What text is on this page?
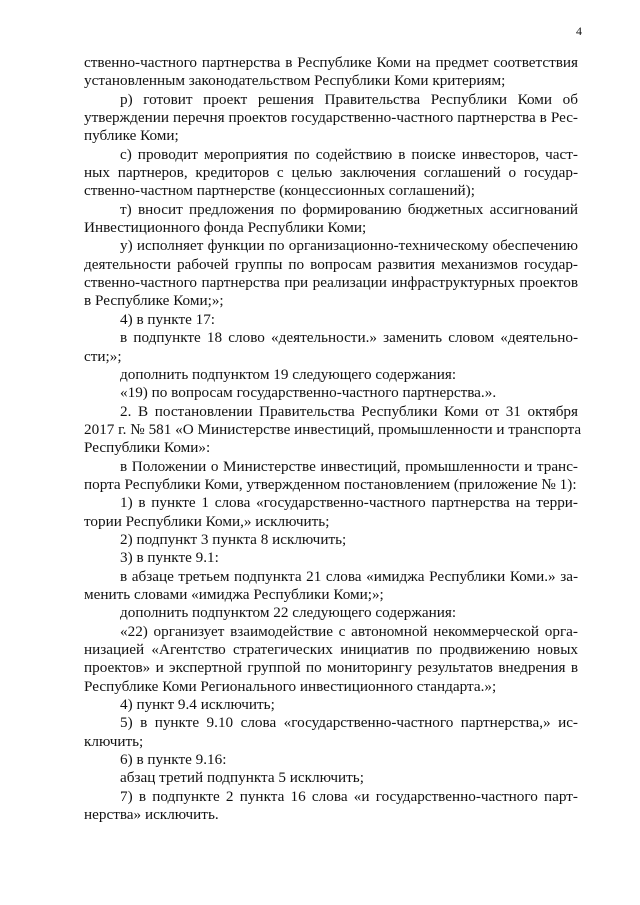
4
ственно-частного партнерства в Республике Коми на предмет соответствия
установленным законодательством Республики Коми критериям;
р) готовит проект решения Правительства Республики Коми об
утверждении перечня проектов государственно-частного партнерства в Рес-
публике Коми;
с) проводит мероприятия по содействию в поиске инвесторов, част-
ных партнеров, кредиторов с целью заключения соглашений о государ-
ственно-частном партнерстве (концессионных соглашений);
т) вносит предложения по формированию бюджетных ассигнований
Инвестиционного фонда Республики Коми;
у) исполняет функции по организационно-техническому обеспечению
деятельности рабочей группы по вопросам развития механизмов государ-
ственно-частного партнерства при реализации инфраструктурных проектов
в Республике Коми;»;
4) в пункте 17:
в подпункте 18 слово «деятельности.» заменить словом «деятельно-
сти;»;
дополнить подпунктом 19 следующего содержания:
«19) по вопросам государственно-частного партнерства.».
2. В постановлении Правительства Республики Коми от 31 октября
2017 г. № 581 «О Министерстве инвестиций, промышленности и транспорта
Республики Коми»:
в Положении о Министерстве инвестиций, промышленности и транс-
порта Республики Коми, утвержденном постановлением (приложение № 1):
1) в пункте 1 слова «государственно-частного партнерства на терри-
тории Республики Коми,» исключить;
2) подпункт 3 пункта 8 исключить;
3) в пункте 9.1:
в абзаце третьем подпункта 21 слова «имиджа Республики Коми.» за-
менить словами «имиджа Республики Коми;»;
дополнить подпунктом 22 следующего содержания:
«22) организует взаимодействие с автономной некоммерческой орга-
низацией «Агентство стратегических инициатив по продвижению новых
проектов» и экспертной группой по мониторингу результатов внедрения в
Республике Коми Регионального инвестиционного стандарта.»;
4) пункт 9.4 исключить;
5) в пункте 9.10 слова «государственно-частного партнерства,» ис-
ключить;
6) в пункте 9.16:
абзац третий подпункта 5 исключить;
7) в подпункте 2 пункта 16 слова «и государственно-частного парт-
нерства» исключить.
